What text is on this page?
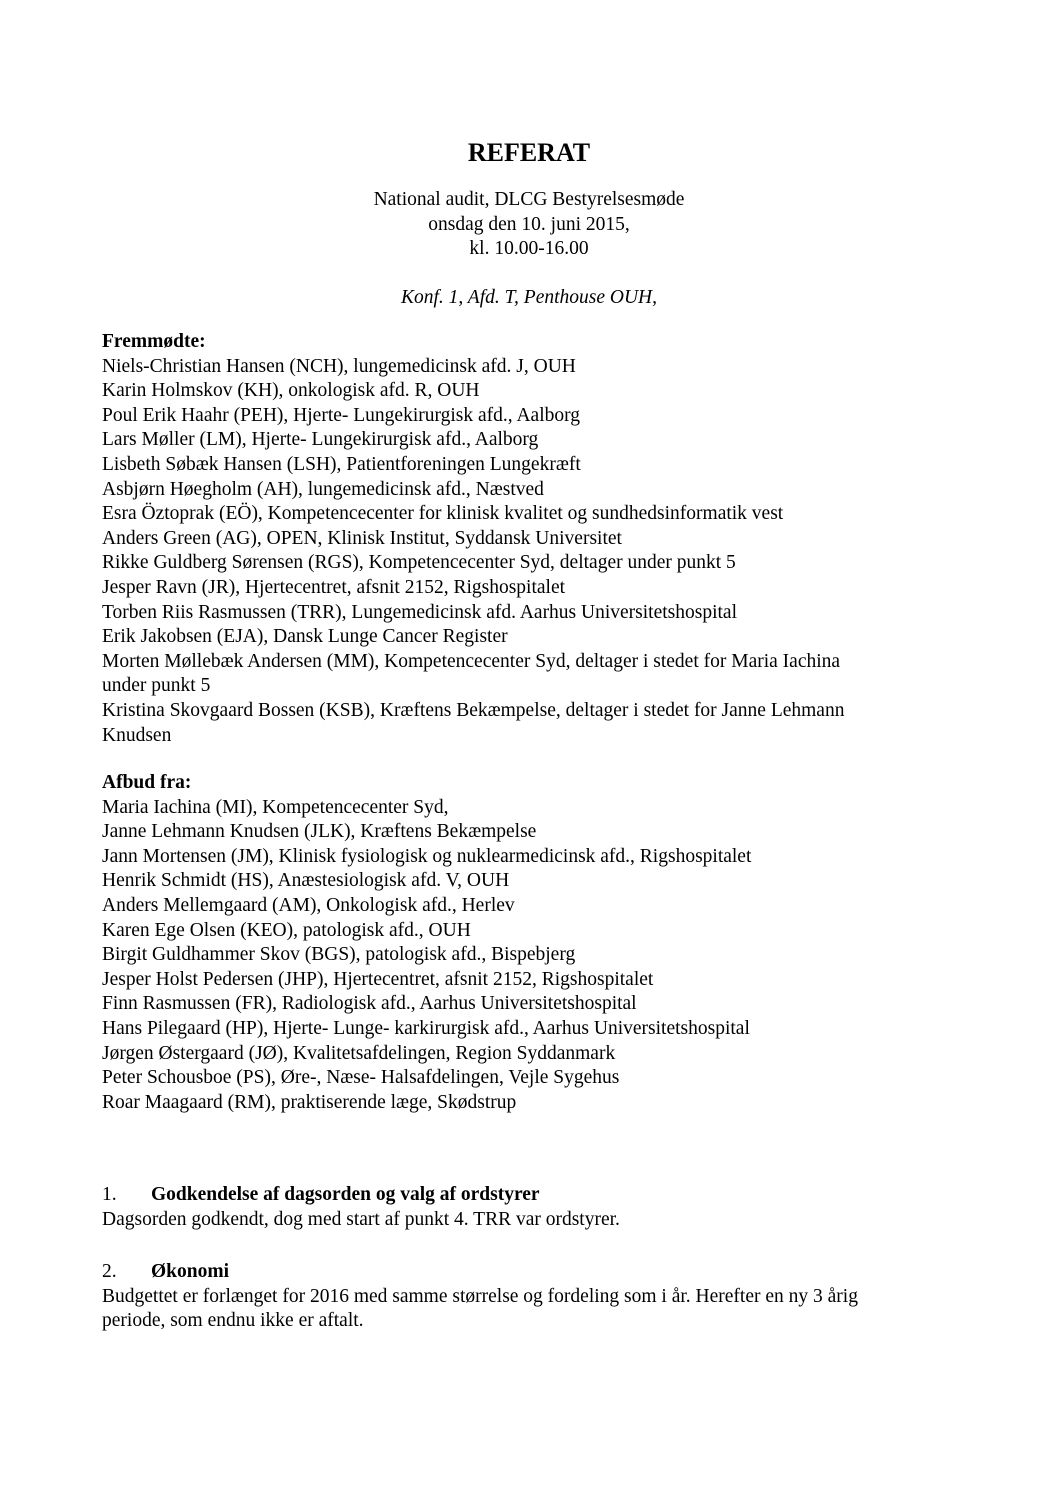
REFERAT
National audit, DLCG Bestyrelsesmøde
onsdag den 10. juni 2015,
kl. 10.00-16.00
Konf. 1, Afd. T, Penthouse OUH,
Fremmødte:
Niels-Christian Hansen (NCH), lungemedicinsk afd. J, OUH
Karin Holmskov (KH), onkologisk afd. R, OUH
Poul Erik Haahr (PEH), Hjerte- Lungekirurgisk afd., Aalborg
Lars Møller (LM), Hjerte- Lungekirurgisk afd., Aalborg
Lisbeth Søbæk Hansen (LSH), Patientforeningen Lungekræft
Asbjørn Høegholm (AH), lungemedicinsk afd., Næstved
Esra Öztoprak (EÖ), Kompetencecenter for klinisk kvalitet og sundhedsinformatik vest
Anders Green (AG), OPEN, Klinisk Institut, Syddansk Universitet
Rikke Guldberg Sørensen (RGS), Kompetencecenter Syd, deltager under punkt 5
Jesper Ravn (JR), Hjertecentret, afsnit 2152, Rigshospitalet
Torben Riis Rasmussen (TRR), Lungemedicinsk afd. Aarhus Universitetshospital
Erik Jakobsen (EJA), Dansk Lunge Cancer Register
Morten Møllebæk Andersen (MM), Kompetencecenter Syd, deltager i stedet for Maria Iachina
under punkt 5
Kristina Skovgaard Bossen (KSB), Kræftens Bekæmpelse, deltager i stedet for Janne Lehmann
Knudsen
Afbud fra:
Maria Iachina (MI), Kompetencecenter Syd,
Janne Lehmann Knudsen (JLK), Kræftens Bekæmpelse
Jann Mortensen (JM), Klinisk fysiologisk og nuklearmedicinsk afd., Rigshospitalet
Henrik Schmidt (HS), Anæstesiologisk afd. V, OUH
Anders Mellemgaard (AM), Onkologisk afd., Herlev
Karen Ege Olsen (KEO), patologisk afd., OUH
Birgit Guldhammer Skov (BGS), patologisk afd., Bispebjerg
Jesper Holst Pedersen (JHP), Hjertecentret, afsnit 2152, Rigshospitalet
Finn Rasmussen (FR), Radiologisk afd., Aarhus Universitetshospital
Hans Pilegaard (HP), Hjerte- Lunge- karkirurgisk afd., Aarhus Universitetshospital
Jørgen Østergaard (JØ), Kvalitetsafdelingen, Region Syddanmark
Peter Schousboe (PS), Øre-, Næse- Halsafdelingen, Vejle Sygehus
Roar Maagaard (RM), praktiserende læge, Skødstrup
1. Godkendelse af dagsorden og valg af ordstyrer
Dagsorden godkendt, dog med start af punkt 4. TRR var ordstyrer.
2. Økonomi
Budgettet er forlænget for 2016 med samme størrelse og fordeling som i år. Herefter en ny 3 årig
periode, som endnu ikke er aftalt.
